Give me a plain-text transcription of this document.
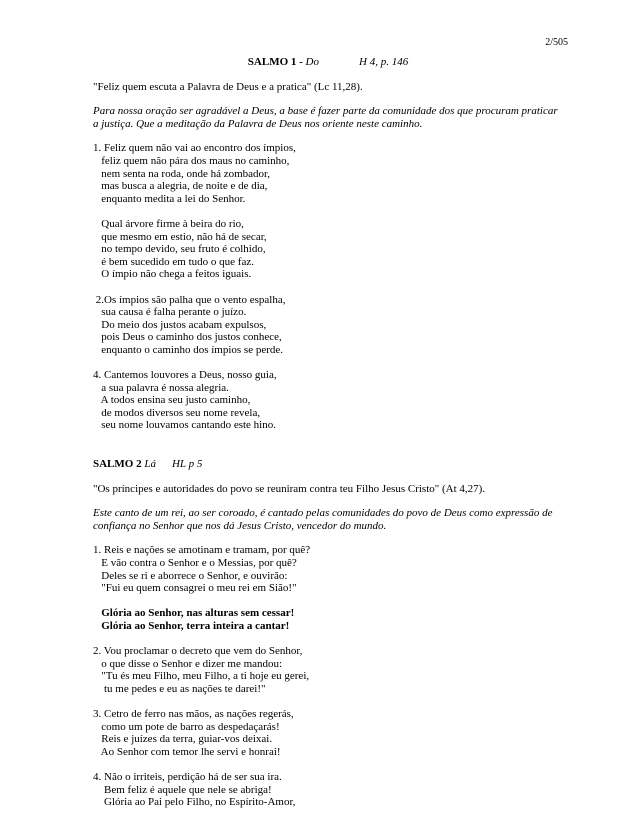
2/505
SALMO 1 - Do	H 4, p. 146
"Feliz quem escuta a Palavra de Deus e a pratica" (Lc 11,28).
Para nossa oração ser agradável a Deus, a base é fazer parte da comunidade dos que procuram praticar a justiça. Que a meditação da Palavra de Deus nos oriente neste caminho.
1. Feliz quem não vai ao encontro dos ímpios,
feliz quem não pára dos maus no caminho,
nem senta na roda, onde há zombador,
mas busca a alegria, de noite e de dia,
enquanto medita a lei do Senhor.
Qual árvore firme à beira do rio,
que mesmo em estio, não há de secar,
no tempo devido, seu fruto é colhido,
é bem sucedido em tudo o que faz.
O ímpio não chega a feitos iguais.
2.Os ímpios são palha que o vento espalha,
sua causa é falha perante o juízo.
Do meio dos justos acabam expulsos,
pois Deus o caminho dos justos conhece,
enquanto o caminho dos ímpios se perde.
4. Cantemos louvores a Deus, nosso guia,
a sua palavra é nossa alegria.
A todos ensina seu justo caminho,
de modos diversos seu nome revela,
seu nome louvamos cantando este hino.
SALMO 2 Lá HL p 5
"Os príncipes e autoridades do povo se reuniram contra teu Filho Jesus Cristo" (At 4,27).
Este canto de um rei, ao ser coroado, é cantado pelas comunidades do povo de Deus como expressão de confiança no Senhor que nos dá Jesus Cristo, vencedor do mundo.
1. Reis e nações se amotinam e tramam, por quê?
E vão contra o Senhor e o Messias, por quê?
Deles se ri e aborrece o Senhor, e ouvirão:
"Fui eu quem consagrei o meu rei em Sião!"
Glória ao Senhor, nas alturas sem cessar!
Glória ao Senhor, terra inteira a cantar!
2. Vou proclamar o decreto que vem do Senhor,
o que disse o Senhor e dizer me mandou:
"Tu és meu Filho, meu Filho, a ti hoje eu gerei,
tu me pedes e eu as nações te darei!"
3. Cetro de ferro nas mãos, as nações regerás,
como um pote de barro as despedaçarás!
Reis e juízes da terra, guiar-vos deixai.
Ao Senhor com temor lhe servi e honrai!
4. Não o irriteis, perdição há de ser sua ira.
Bem feliz é aquele que nele se abriga!
Glória ao Pai pelo Filho, no Espírito-Amor,
